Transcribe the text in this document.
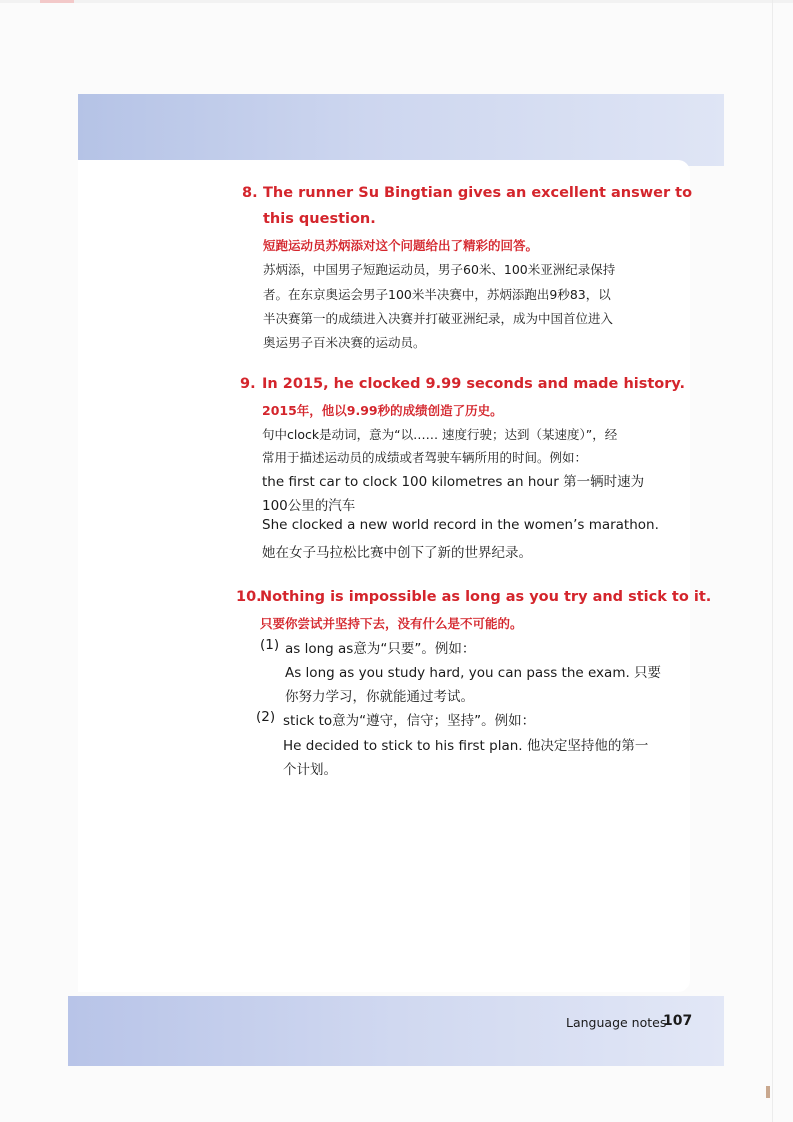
8. The runner Su Bingtian gives an excellent answer to
this question.
短跑运动员苏炳添对这个问题给出了精彩的回答。
苏炳添，中国男子短跑运动员，男子60米、100米亚洲纪录保持
者。在东京奥运会男子100米半决赛中，苏炳添跑出9秒83，以
半决赛第一的成绩进入决赛并打破亚洲纪录，成为中国首位进入
奥运男子百米决赛的运动员。
9. In 2015, he clocked 9.99 seconds and made history.
2015年，他以9.99秒的成绩创造了历史。
句中clock是动词，意为“以…… 速度行驶；达到（某速度）”，经
常用于描述运动员的成绩或者驾驶车辆所用的时间。例如：
the first car to clock 100 kilometres an hour 第一辆时速为
100公里的汽车
She clocked a new world record in the women’s marathon.
她在女子马拉松比赛中创下了新的世界纪录。
10.
Nothing is impossible as long as you try and stick to it.
只要你尝试并坚持下去，没有什么是不可能的。
(1) as long as意为“只要”。例如：
As long as you study hard, you can pass the exam. 只要
你努力学习，你就能通过考试。
(2) stick to意为“遵守，信守；坚持”。例如：
He decided to stick to his first plan. 他决定坚持他的第一
个计划。
Language notes
107
